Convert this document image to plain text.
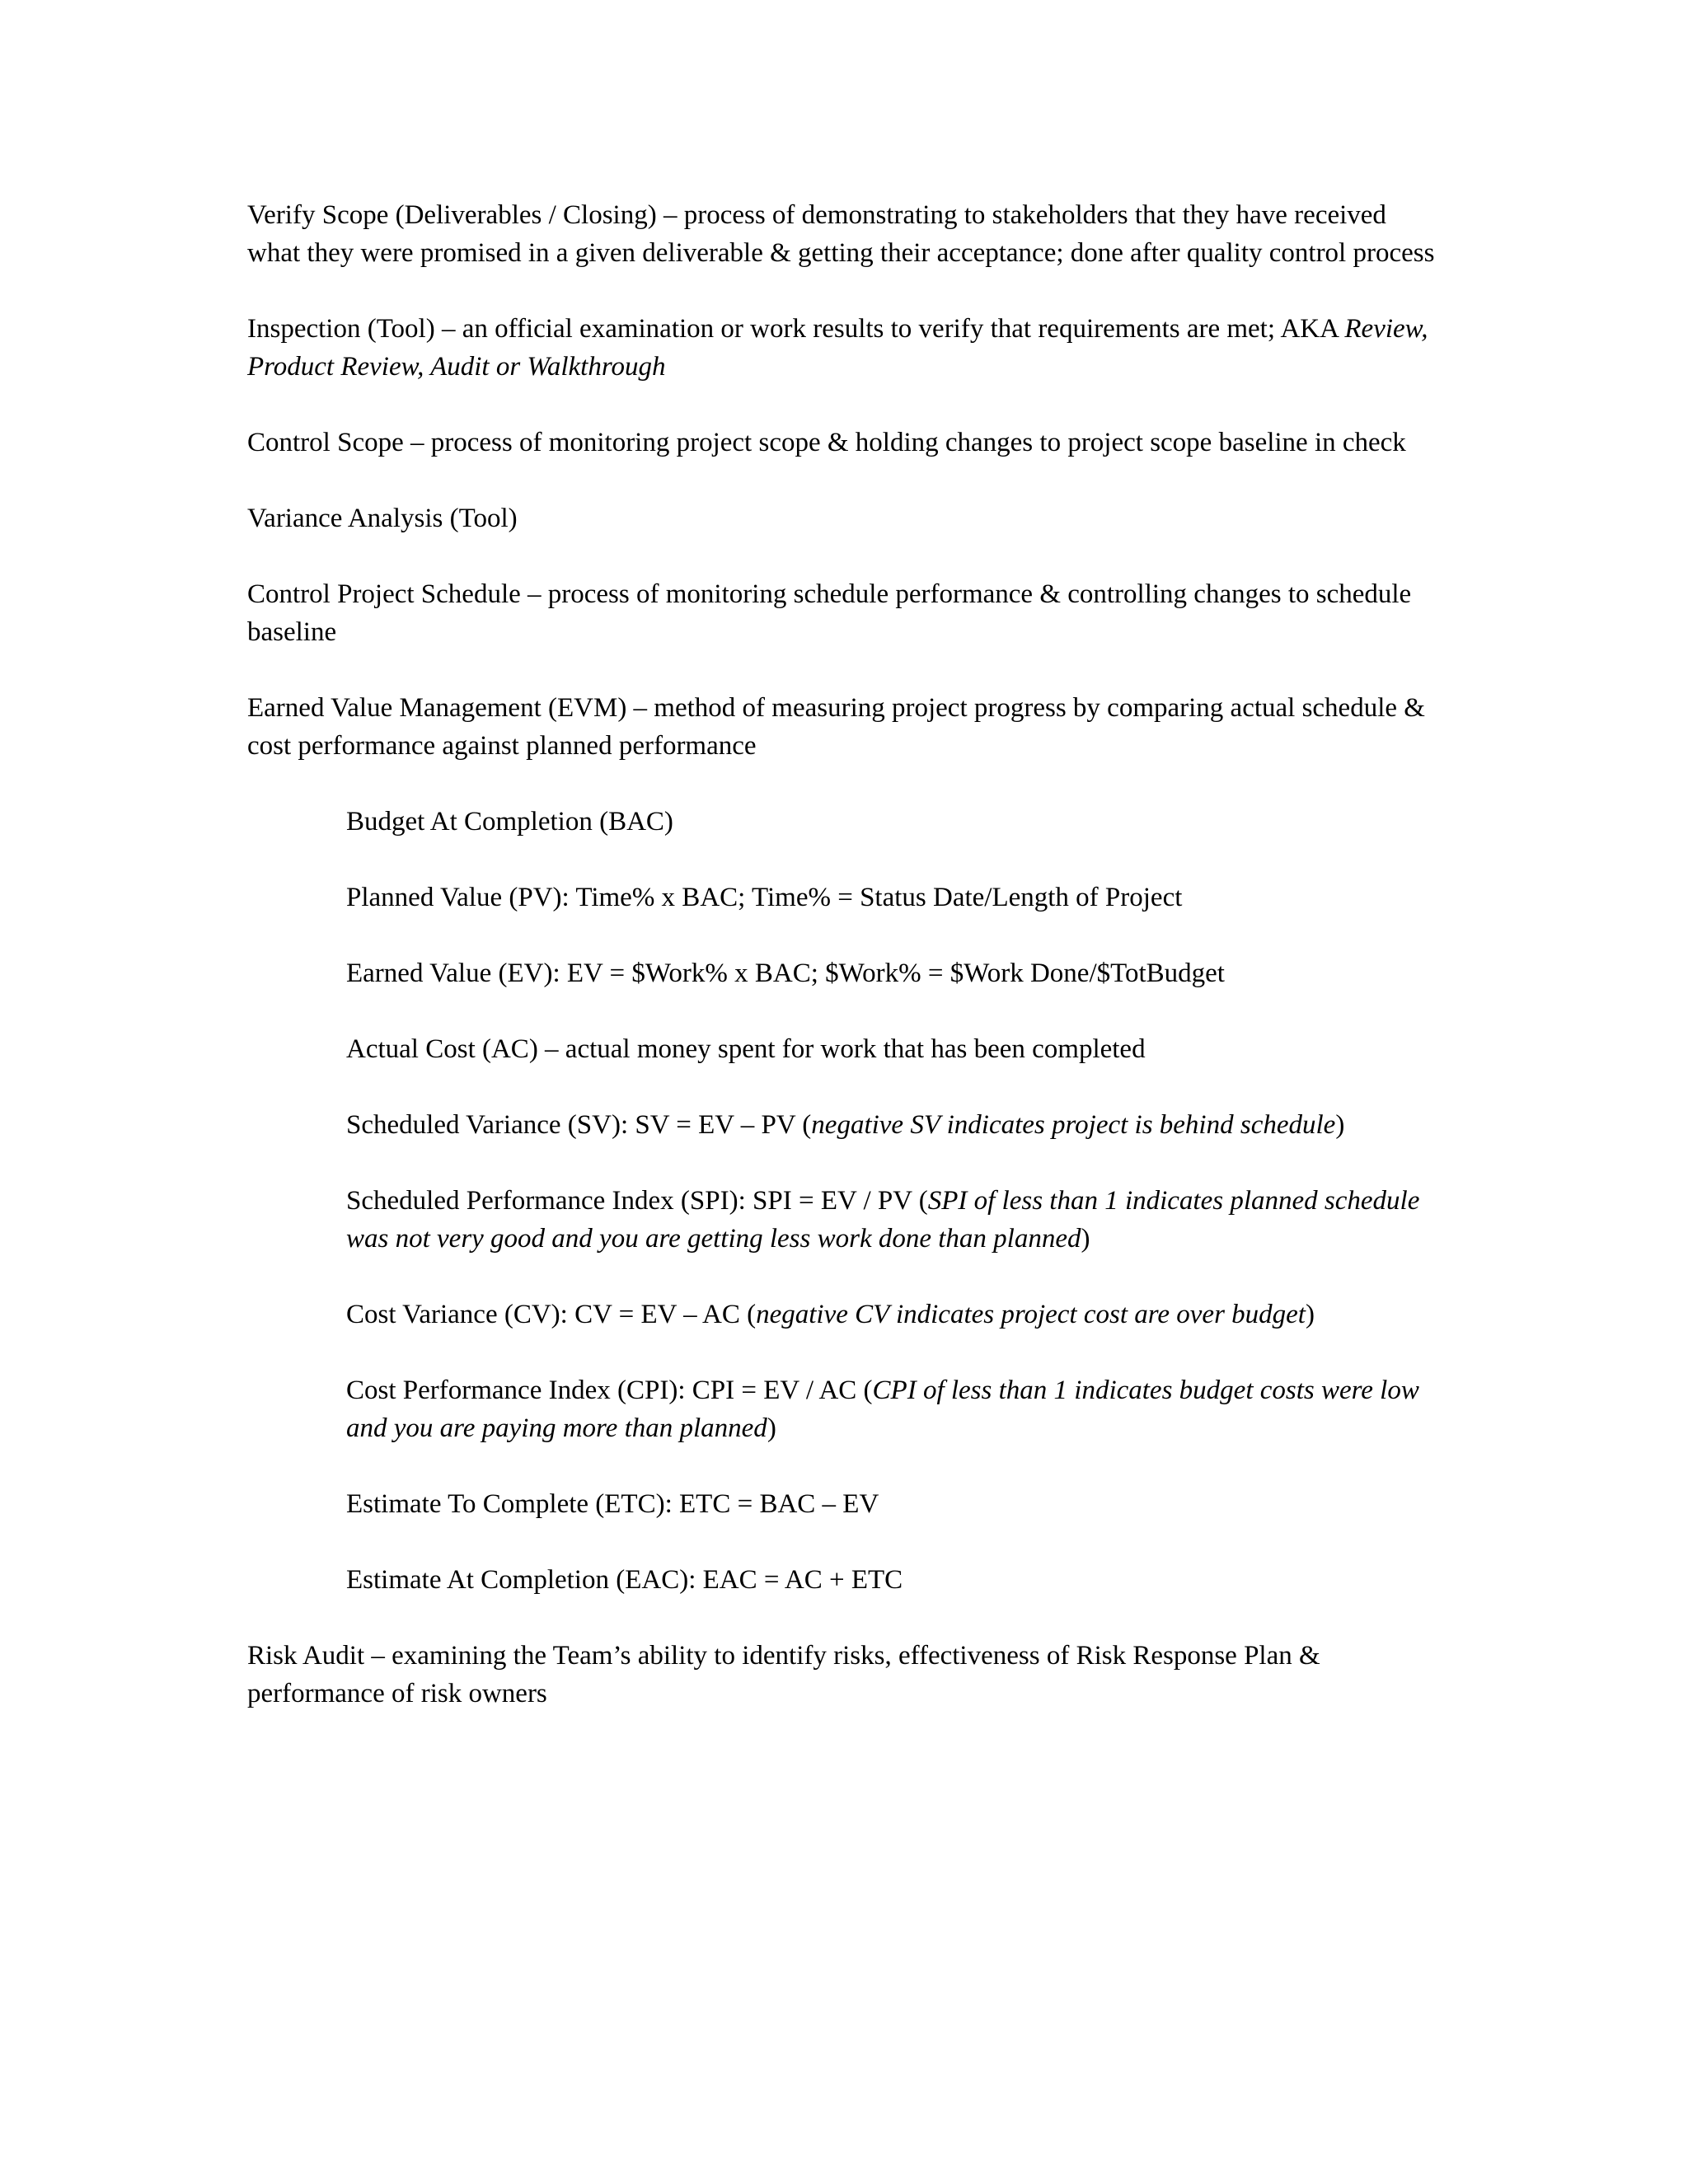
Verify Scope (Deliverables / Closing) – process of demonstrating to stakeholders that they have received what they were promised in a given deliverable & getting their acceptance; done after quality control process

Inspection (Tool) – an official examination or work results to verify that requirements are met; AKA Review, Product Review, Audit or Walkthrough

Control Scope – process of monitoring project scope & holding changes to project scope baseline in check

Variance Analysis (Tool)

Control Project Schedule – process of monitoring schedule performance & controlling changes to schedule baseline

Earned Value Management (EVM) – method of measuring project progress by comparing actual schedule & cost performance against planned performance

Budget At Completion (BAC)

Planned Value (PV): Time% x BAC; Time% = Status Date/Length of Project

Earned Value (EV): EV = $Work% x BAC; $Work% = $Work Done/$TotBudget

Actual Cost (AC) – actual money spent for work that has been completed

Scheduled Variance (SV): SV = EV – PV (negative SV indicates project is behind schedule)

Scheduled Performance Index (SPI): SPI = EV / PV (SPI of less than 1 indicates planned schedule was not very good and you are getting less work done than planned)

Cost Variance (CV): CV = EV – AC (negative CV indicates project cost are over budget)

Cost Performance Index (CPI): CPI = EV / AC (CPI of less than 1 indicates budget costs were low and you are paying more than planned)

Estimate To Complete (ETC): ETC = BAC – EV

Estimate At Completion (EAC): EAC = AC + ETC

Risk Audit – examining the Team’s ability to identify risks, effectiveness of Risk Response Plan & performance of risk owners
